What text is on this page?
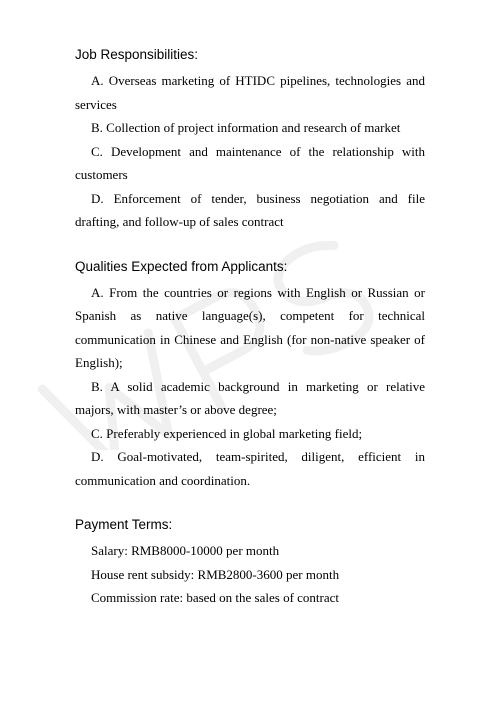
Job Responsibilities:

A. Overseas marketing of HTIDC pipelines, technologies and services

B. Collection of project information and research of market

C. Development and maintenance of the relationship with customers

D. Enforcement of tender, business negotiation and file drafting, and follow-up of sales contract

Qualities Expected from Applicants:

A. From the countries or regions with English or Russian or Spanish as native language(s), competent for technical communication in Chinese and English (for non-native speaker of English);

B. A solid academic background in marketing or relative majors, with master’s or above degree;

C. Preferably experienced in global marketing field;

D. Goal-motivated, team-spirited, diligent, efficient in communication and coordination.

Payment Terms:
Salary: RMB8000-10000 per month
House rent subsidy: RMB2800-3600 per month
Commission rate: based on the sales of contract
